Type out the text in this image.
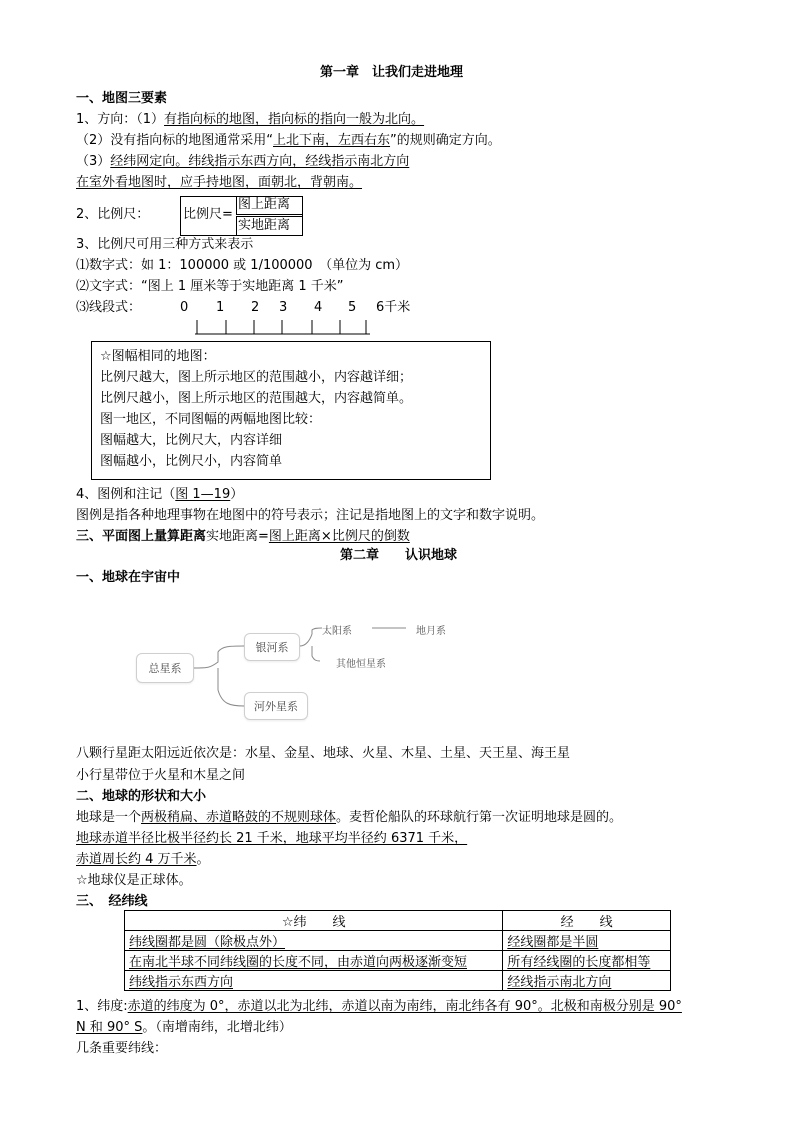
第一章　让我们走进地理
一、地图三要素
1、方向：（1）有指向标的地图，指向标的指向一般为北向。
（2）没有指向标的地图通常采用“上北下南，左西右东”的规则确定方向。
（3）经纬网定向。纬线指示东西方向，经线指示南北方向
在室外看地图时，应手持地图，面朝北，背朝南。
2、比例尺：	比例尺=
图上距离
实地距离
3、比例尺可用三种方式来表示
⑴数字式：如 1：100000 或 1/100000　（单位为 cm）
⑵文字式：“图上 1 厘米等于实地距离 1 千米”
⑶线段式：	0 1 2 3 4 5 6千米
☆图幅相同的地图：
比例尺越大，图上所示地区的范围越小，内容越详细；
比例尺越小，图上所示地区的范围越大，内容越简单。
图一地区，不同图幅的两幅地图比较：
图幅越大，比例尺大，内容详细
图幅越小，比例尺小，内容简单
4、图例和注记（图 1—19）
图例是指各种地理事物在地图中的符号表示；注记是指地图上的文字和数字说明。
三、平面图上量算距离实地距离=图上距离×比例尺的倒数
第二章　　认识地球
一、地球在宇宙中
总星系
银河系
河外星系
太阳系	地月系
其他恒星系
八颗行星距太阳远近依次是：水星、金星、地球、火星、木星、土星、天王星、海王星
小行星带位于火星和木星之间
二、地球的形状和大小
地球是一个两极稍扁、赤道略鼓的不规则球体。麦哲伦船队的环球航行第一次证明地球是圆的。
地球赤道半径比极半径约长 21 千米，地球平均半径约 6371 千米，
赤道周长约 4 万千米。
☆地球仪是正球体。
三、　经纬线
☆纬　　线	经　　线
纬线圈都是圆（除极点外）	经线圈都是半圆
在南北半球不同纬线圈的长度不同，由赤道向两极逐渐变短	所有经线圈的长度都相等
纬线指示东西方向	经线指示南北方向
1、纬度:赤道的纬度为 0°，赤道以北为北纬，赤道以南为南纬，南北纬各有 90°。北极和南极分别是 90°
N 和 90° S。（南增南纬，北增北纬）
几条重要纬线：
